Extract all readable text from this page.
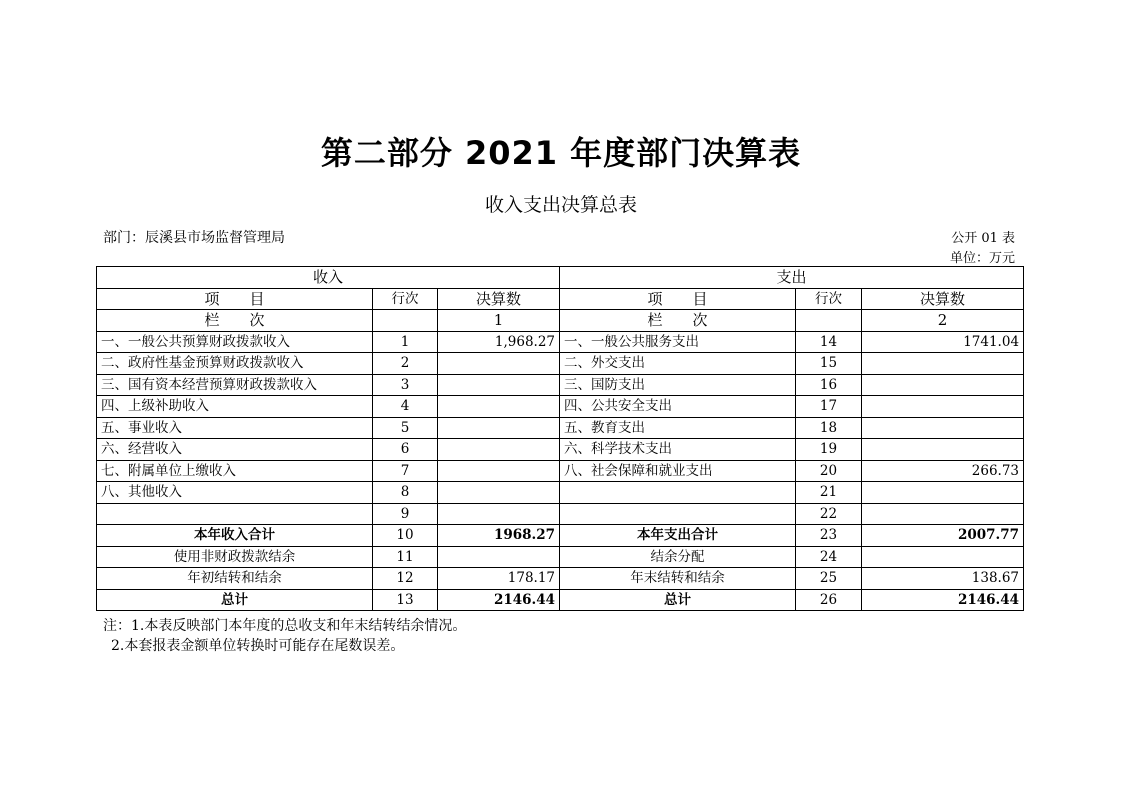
第二部分 2021 年度部门决算表
收入支出决算总表
部门：辰溪县市场监督管理局	公开 01 表
单位：万元
收入			支出		
项　　目	行次	决算数	项　　目	行次	决算数
栏　　次		1	栏　　次		2
一、一般公共预算财政拨款收入	1	1,968.27	一、一般公共服务支出	14	1741.04
二、政府性基金预算财政拨款收入	2		二、外交支出	15	
三、国有资本经营预算财政拨款收入	3		三、国防支出	16	
四、上级补助收入	4		四、公共安全支出	17	
五、事业收入	5		五、教育支出	18	
六、经营收入	6		六、科学技术支出	19	
七、附属单位上缴收入	7		八、社会保障和就业支出	20	266.73
八、其他收入	8			21	
	9			22	
本年收入合计	10	1968.27	本年支出合计	23	2007.77
使用非财政拨款结余	11		结余分配	24	
年初结转和结余	12	178.17	年末结转和结余	25	138.67
总计	13	2146.44	总计	26	2146.44
注：1.本表反映部门本年度的总收支和年末结转结余情况。
2.本套报表金额单位转换时可能存在尾数误差。
